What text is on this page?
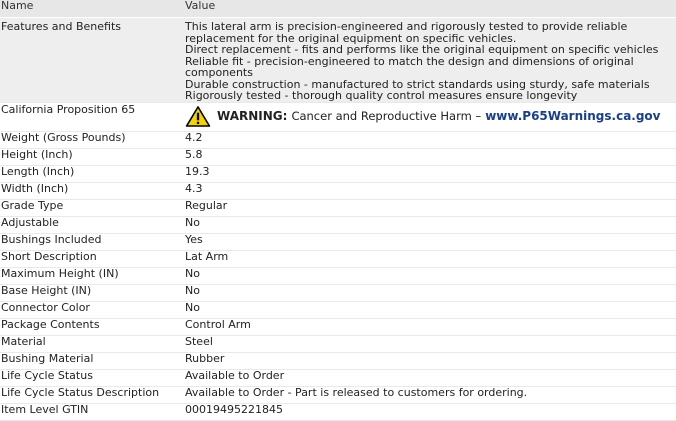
Name	Value
Features and Benefits	This lateral arm is precision-engineered and rigorously tested to provide reliable replacement for the original equipment on specific vehicles.
Direct replacement - fits and performs like the original equipment on specific vehicles
Reliable fit - precision-engineered to match the design and dimensions of original components
Durable construction - manufactured to strict standards using sturdy, safe materials
Rigorously tested - thorough quality control measures ensure longevity

California Proposition 65	WARNING: Cancer and Reproductive Harm – www.P65Warnings.ca.gov

Weight (Gross Pounds)	4.2
Height (Inch)	5.8
Length (Inch)	19.3
Width (Inch)	4.3
Grade Type	Regular
Adjustable	No
Bushings Included	Yes
Short Description	Lat Arm
Maximum Height (IN)	No
Base Height (IN)	No
Connector Color	No
Package Contents	Control Arm
Material	Steel
Bushing Material	Rubber
Life Cycle Status	Available to Order
Life Cycle Status Description	Available to Order - Part is released to customers for ordering.
Item Level GTIN	00019495221845
